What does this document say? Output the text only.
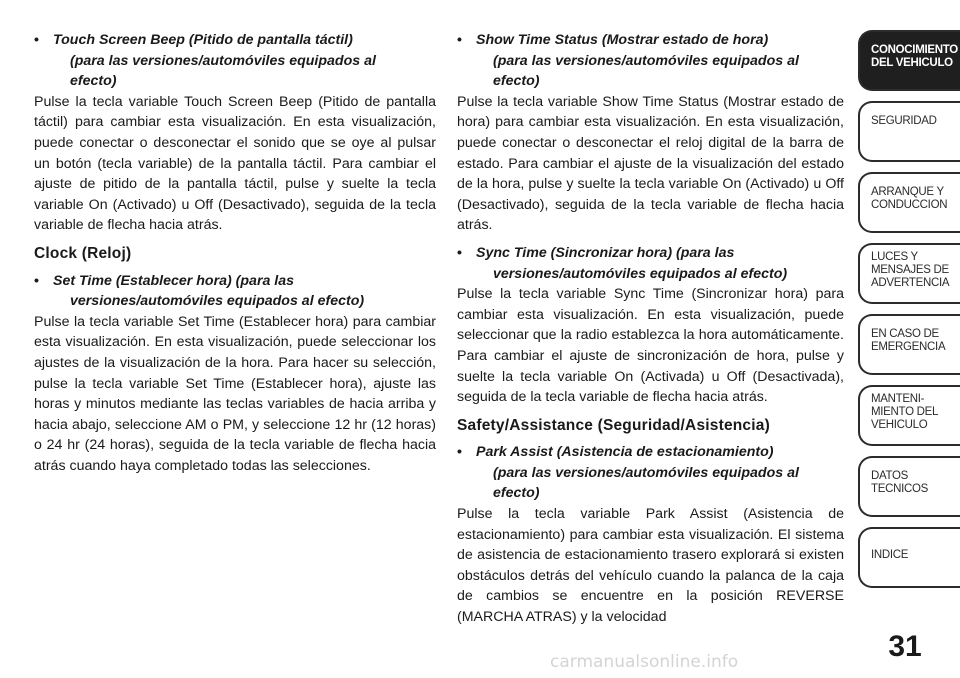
• Touch Screen Beep (Pitido de pantalla táctil)
(para las versiones/automóviles equipados al
efecto)

Pulse la tecla variable Touch Screen Beep (Pitido de pantalla táctil) para cambiar esta visualización. En esta visualización, puede conectar o desconectar el sonido que se oye al pulsar un botón (tecla variable) de la pantalla táctil. Para cambiar el ajuste de pitido de la pantalla táctil, pulse y suelte la tecla variable On (Activado) u Off (Desactivado), seguida de la tecla variable de flecha hacia atrás.

Clock (Reloj)

• Set Time (Establecer hora) (para las
versiones/automóviles equipados al efecto)

Pulse la tecla variable Set Time (Establecer hora) para cambiar esta visualización. En esta visualización, puede seleccionar los ajustes de la visualización de la hora. Para hacer su selección, pulse la tecla variable Set Time (Establecer hora), ajuste las horas y minutos mediante las teclas variables de hacia arriba y hacia abajo, seleccione AM o PM, y seleccione 12 hr (12 horas) o 24 hr (24 horas), seguida de la tecla variable de flecha hacia atrás cuando haya completado todas las selecciones.

• Show Time Status (Mostrar estado de hora)
(para las versiones/automóviles equipados al
efecto)

Pulse la tecla variable Show Time Status (Mostrar estado de hora) para cambiar esta visualización. En esta visualización, puede conectar o desconectar el reloj digital de la barra de estado. Para cambiar el ajuste de la visualización del estado de la hora, pulse y suelte la tecla variable On (Activado) u Off (Desactivado), seguida de la tecla variable de flecha hacia atrás.

• Sync Time (Sincronizar hora) (para las
versiones/automóviles equipados al efecto)

Pulse la tecla variable Sync Time (Sincronizar hora) para cambiar esta visualización. En esta visualización, puede seleccionar que la radio establezca la hora automáticamente. Para cambiar el ajuste de sincronización de hora, pulse y suelte la tecla variable On (Activada) u Off (Desactivada), seguida de la tecla variable de flecha hacia atrás.

Safety/Assistance (Seguridad/Asistencia)

• Park Assist (Asistencia de estacionamiento)
(para las versiones/automóviles equipados al
efecto)

Pulse la tecla variable Park Assist (Asistencia de estacionamiento) para cambiar esta visualización. El sistema de asistencia de estacionamiento trasero explorará si existen obstáculos detrás del vehículo cuando la palanca de la caja de cambios se encuentre en la posición REVERSE (MARCHA ATRAS) y la velocidad

CONOCIMIENTO
DEL VEHICULO
SEGURIDAD
ARRANQUE Y
CONDUCCION
LUCES Y
MENSAJES DE
ADVERTENCIA
EN CASO DE
EMERGENCIA
MANTENI-
MIENTO DEL
VEHICULO
DATOS
TECNICOS
INDICE
31
carmanualsonline.info
